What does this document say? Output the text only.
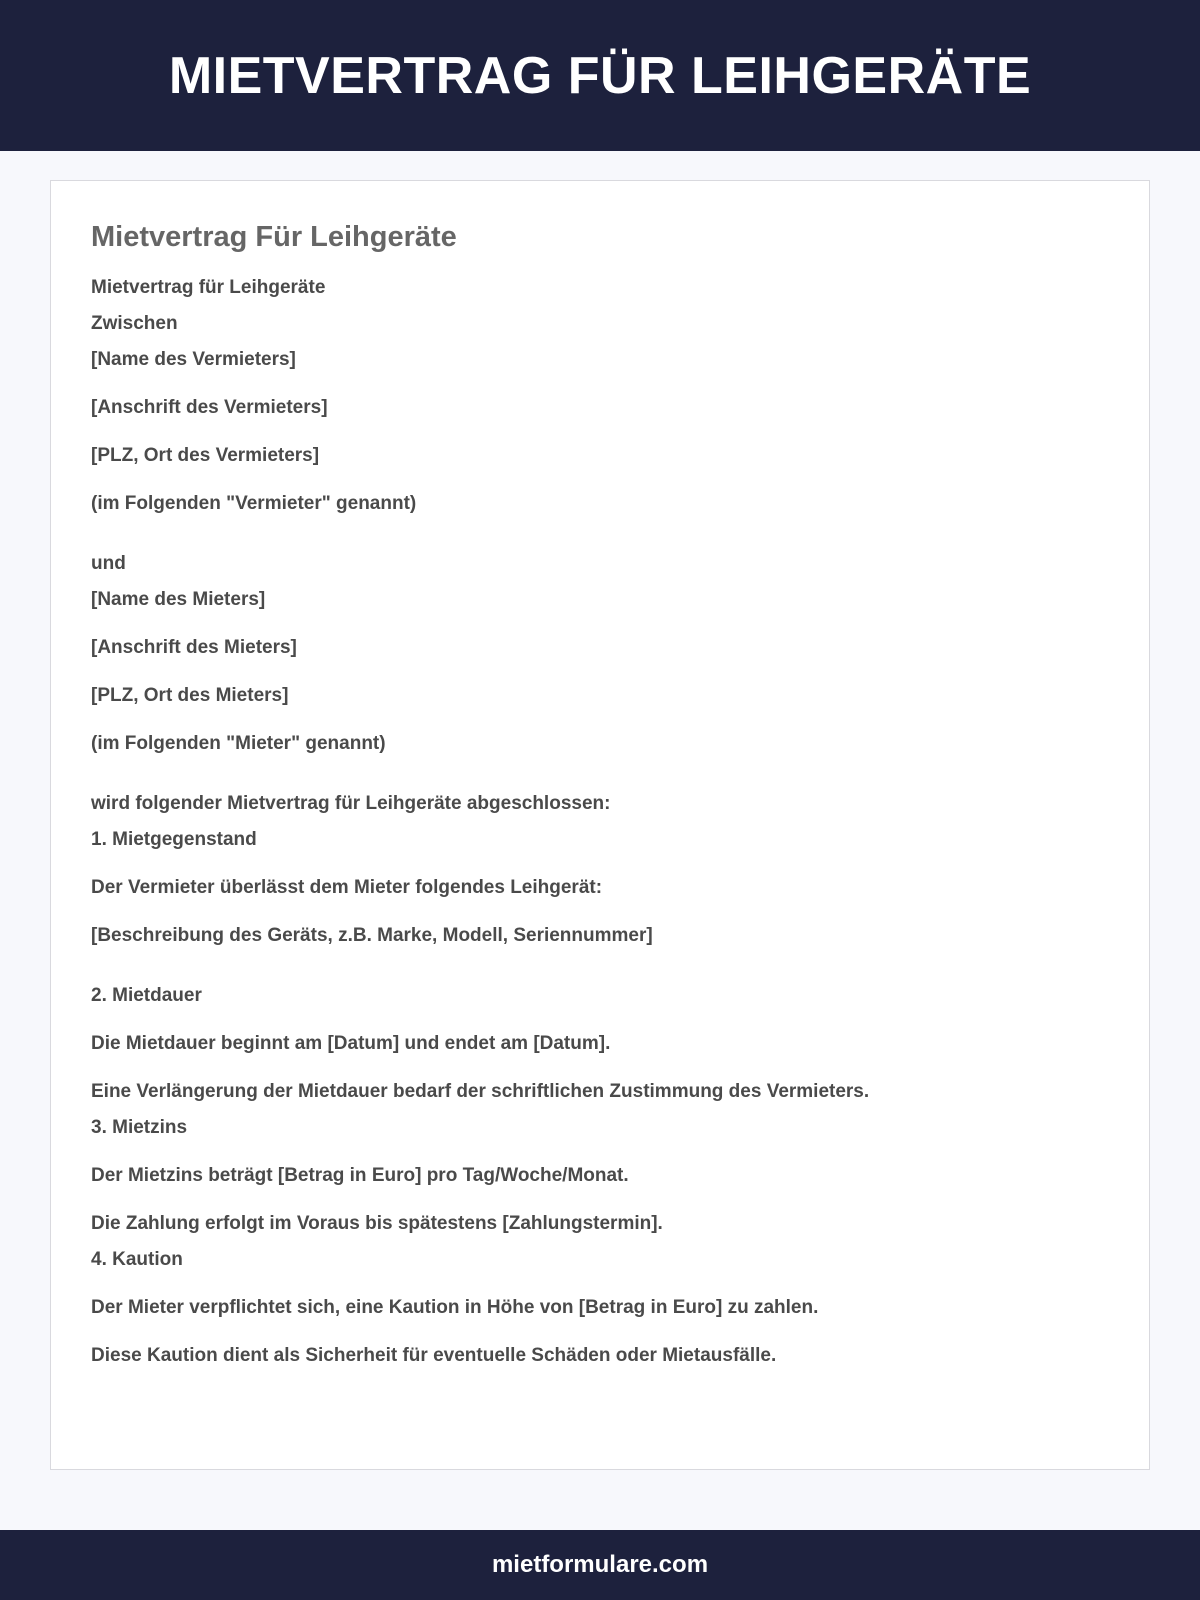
MIETVERTRAG FÜR LEIHGERÄTE
Mietvertrag Für Leihgeräte

Mietvertrag für Leihgeräte

Zwischen

[Name des Vermieters]

[Anschrift des Vermieters]

[PLZ, Ort des Vermieters]

(im Folgenden "Vermieter" genannt)

und

[Name des Mieters]

[Anschrift des Mieters]

[PLZ, Ort des Mieters]

(im Folgenden "Mieter" genannt)

wird folgender Mietvertrag für Leihgeräte abgeschlossen:

1. Mietgegenstand

Der Vermieter überlässt dem Mieter folgendes Leihgerät:

[Beschreibung des Geräts, z.B. Marke, Modell, Seriennummer]

2. Mietdauer

Die Mietdauer beginnt am [Datum] und endet am [Datum].

Eine Verlängerung der Mietdauer bedarf der schriftlichen Zustimmung des Vermieters.

3. Mietzins

Der Mietzins beträgt [Betrag in Euro] pro Tag/Woche/Monat.

Die Zahlung erfolgt im Voraus bis spätestens [Zahlungstermin].

4. Kaution

Der Mieter verpflichtet sich, eine Kaution in Höhe von [Betrag in Euro] zu zahlen.

Diese Kaution dient als Sicherheit für eventuelle Schäden oder Mietausfälle.

mietformulare.com
